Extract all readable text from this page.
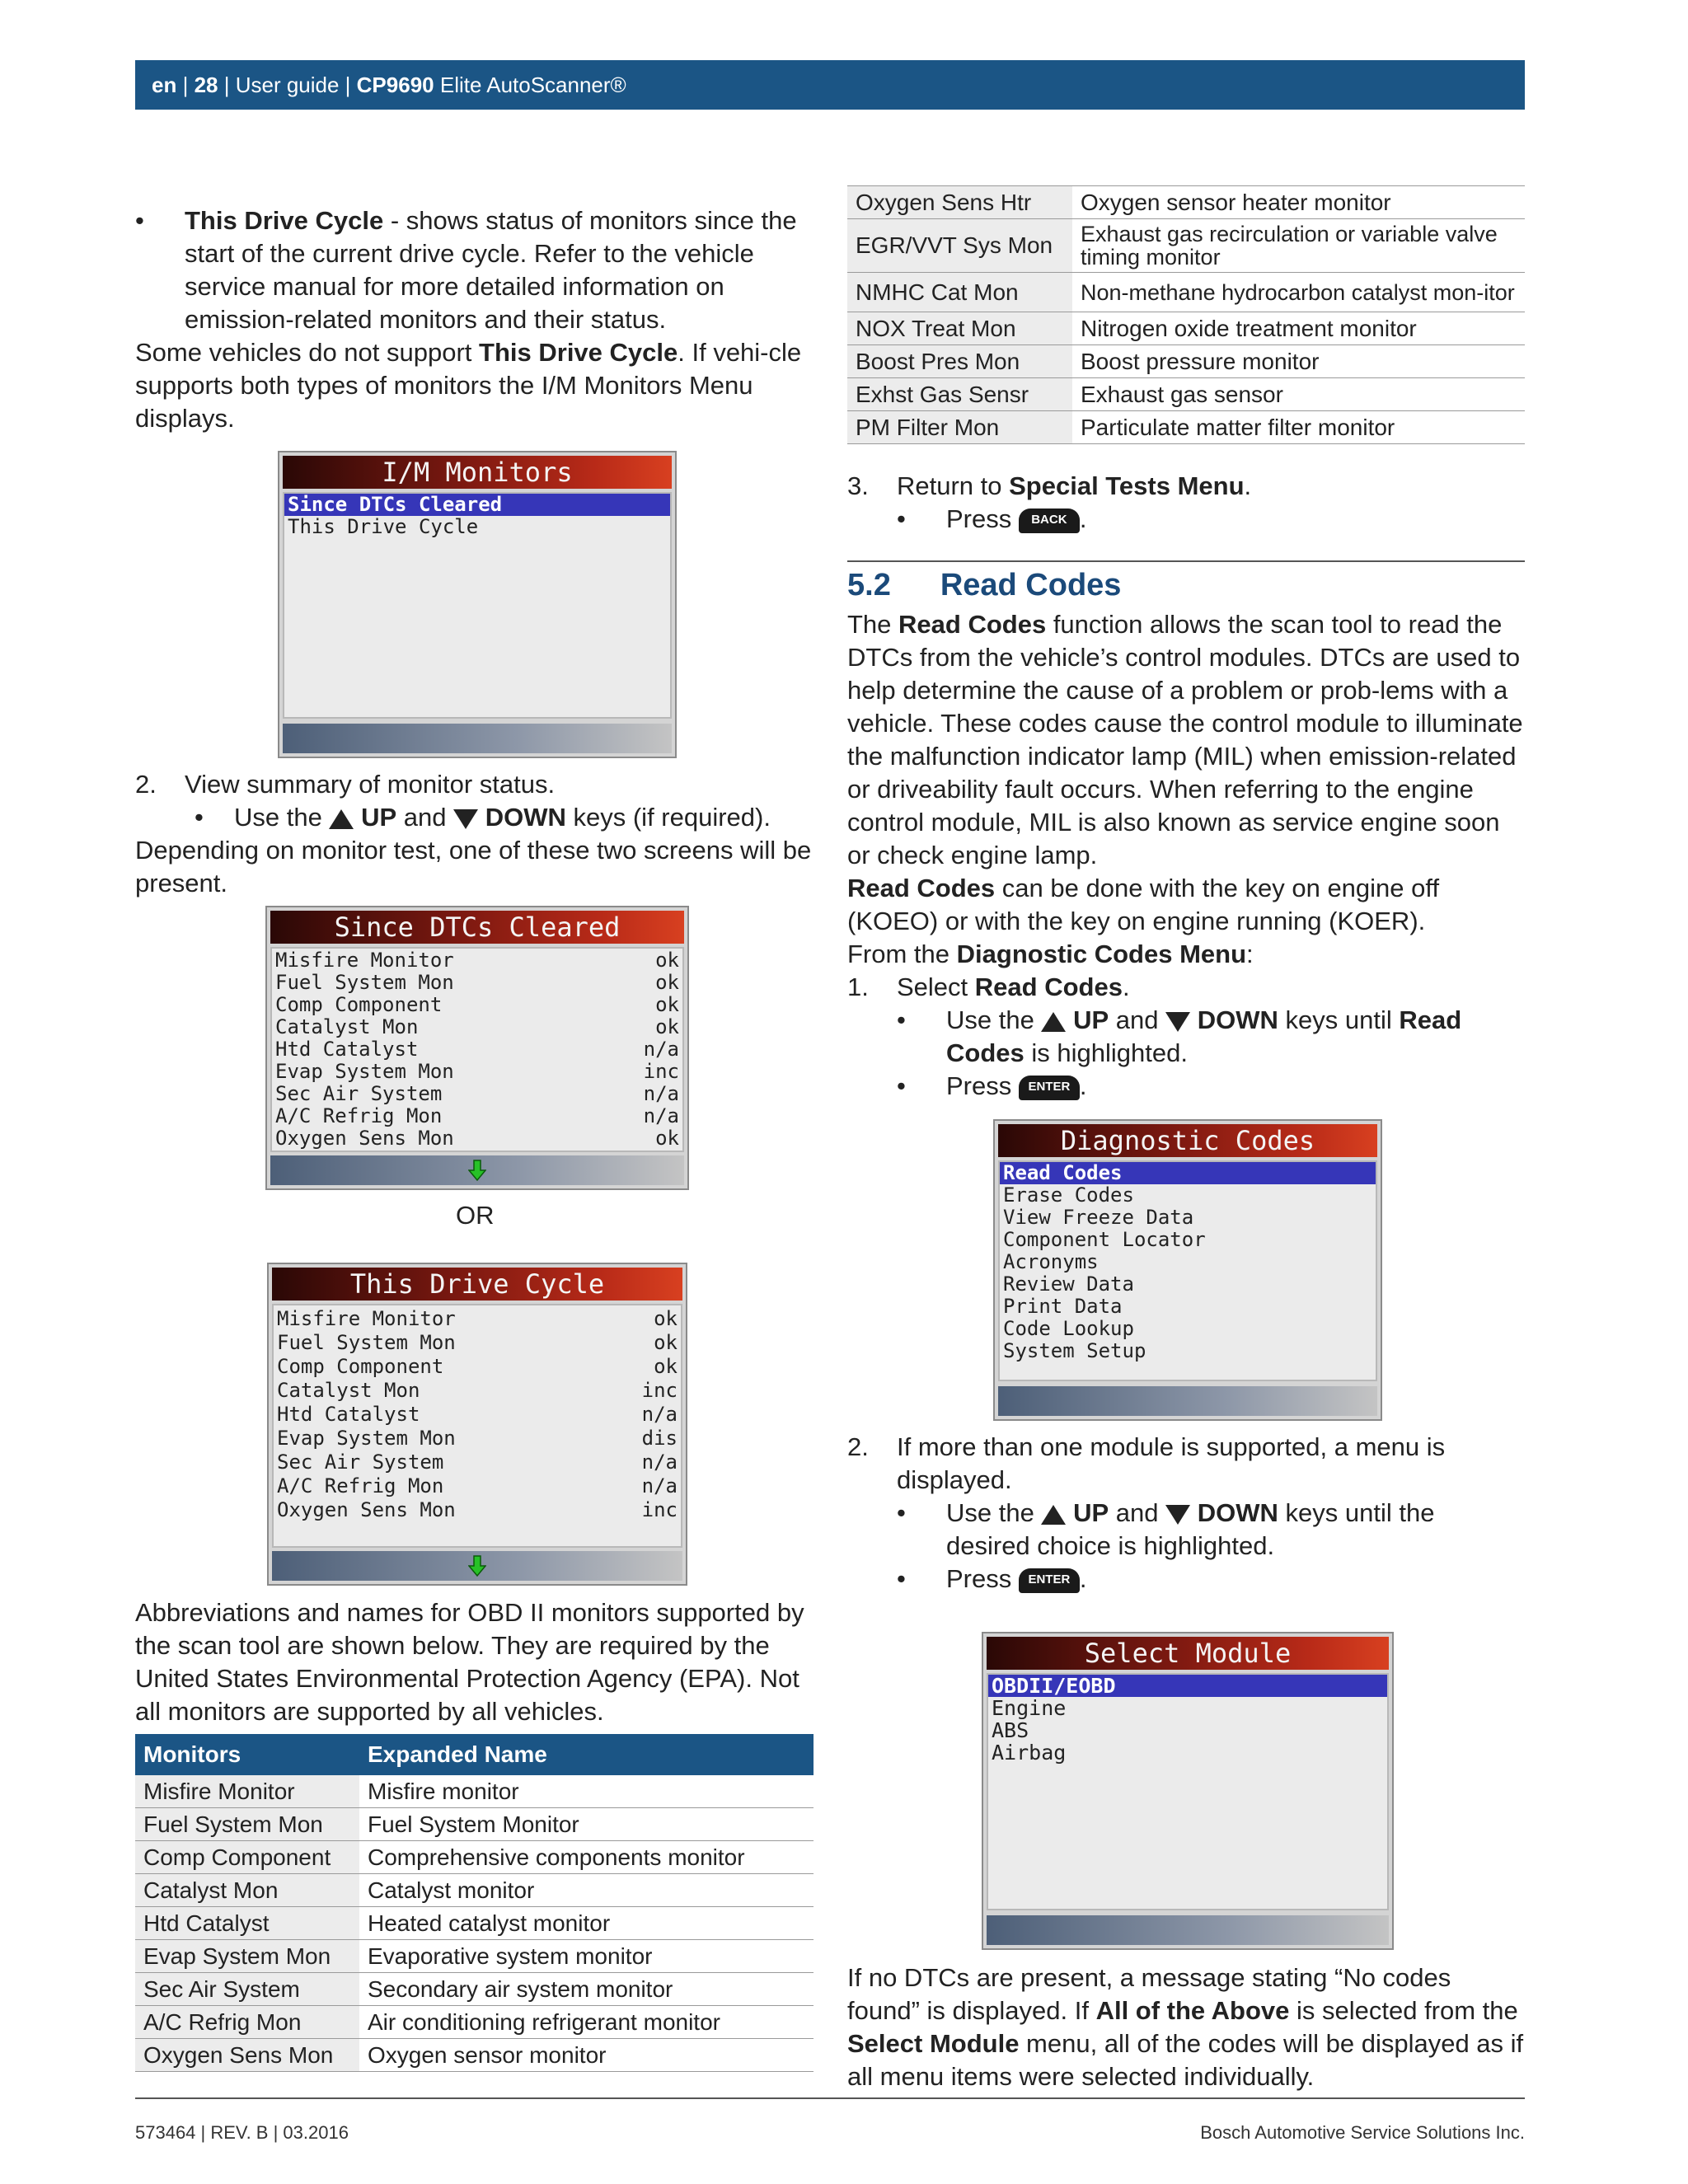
en | 28 | User guide | CP9690 Elite AutoScanner®
• This Drive Cycle - shows status of monitors since the start of the current drive cycle. Refer to the vehicle service manual for more detailed information on emission-related monitors and their status.

Some vehicles do not support This Drive Cycle. If vehi-cle supports both types of monitors the I/M Monitors Menu displays.

I/M Monitors
Since DTCs Cleared
This Drive Cycle
2. View summary of monitor status.
• Use the  UP and  DOWN keys (if required).

Depending on monitor test, one of these two screens will be present.

Since DTCs Cleared
Misfire Monitor	ok
Fuel System Mon	ok
Comp Component	ok
Catalyst Mon	ok
Htd Catalyst	n/a
Evap System Mon	inc
Sec Air System	n/a
A/C Refrig Mon	n/a
Oxygen Sens Mon	ok
OR
This Drive Cycle
Misfire Monitor	ok
Fuel System Mon	ok
Comp Component	ok
Catalyst Mon	inc
Htd Catalyst	n/a
Evap System Mon	dis
Sec Air System	n/a
A/C Refrig Mon	n/a
Oxygen Sens Mon	inc
Abbreviations and names for OBD II monitors supported by the scan tool are shown below. They are required by the United States Environmental Protection Agency (EPA). Not all monitors are supported by all vehicles.
Monitors	Expanded Name
Misfire Monitor	Misfire monitor
Fuel System Mon	Fuel System Monitor
Comp Component	Comprehensive components monitor
Catalyst Mon	Catalyst monitor
Htd Catalyst	Heated catalyst monitor
Evap System Mon	Evaporative system monitor
Sec Air System	Secondary air system monitor
A/C Refrig Mon	Air conditioning refrigerant monitor
Oxygen Sens Mon	Oxygen sensor monitor
Oxygen Sens Htr	Oxygen sensor heater monitor
EGR/VVT Sys Mon	Exhaust gas recirculation or variable valve timing monitor
NMHC Cat Mon	Non-methane hydrocarbon catalyst mon-itor
NOX Treat Mon	Nitrogen oxide treatment monitor
Boost Pres Mon	Boost pressure monitor
Exhst Gas Sensr	Exhaust gas sensor
PM Filter Mon	Particulate matter filter monitor
3. Return to Special Tests Menu.
• Press BACK .
5.2 Read Codes

The Read Codes function allows the scan tool to read the DTCs from the vehicle’s control modules. DTCs are used to help determine the cause of a problem or prob-lems with a vehicle. These codes cause the control module to illuminate the malfunction indicator lamp (MIL) when emission-related or driveability fault occurs. When referring to the engine control module, MIL is also known as service engine soon or check engine lamp.

Read Codes can be done with the key on engine off (KOEO) or with the key on engine running (KOER).

From the Diagnostic Codes Menu:

1. Select Read Codes.
• Use the  UP and  DOWN keys until Read Codes is highlighted.
• Press ENTER .
Diagnostic Codes
Read Codes
Erase Codes
View Freeze Data
Component Locator
Acronyms
Review Data
Print Data
Code Lookup
System Setup
2. If more than one module is supported, a menu is displayed.
• Use the  UP and  DOWN keys until the desired choice is highlighted.
• Press ENTER .
Select Module
OBDII/EOBD
Engine
ABS
Airbag
If no DTCs are present, a message stating “No codes found” is displayed. If All of the Above is selected from the Select Module menu, all of the codes will be displayed as if all menu items were selected individually.
573464 | REV. B | 03.2016	Bosch Automotive Service Solutions Inc.
